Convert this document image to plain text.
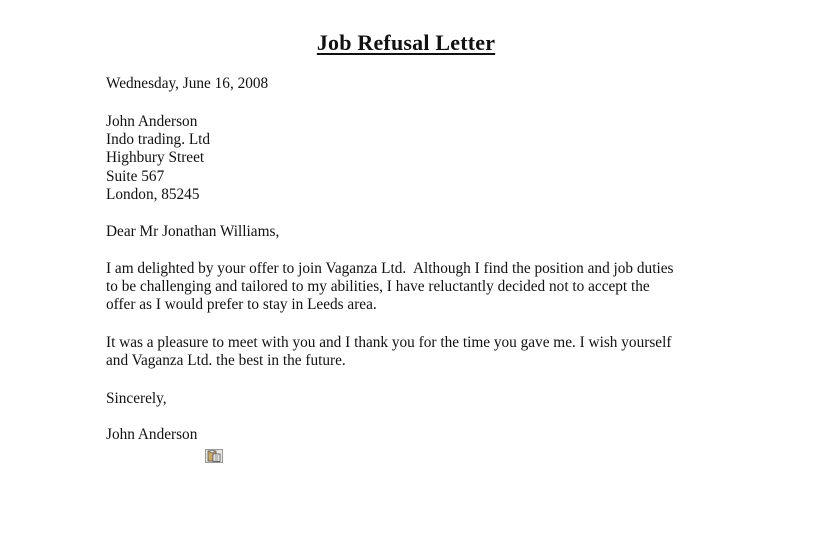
Job Refusal Letter
Wednesday, June 16, 2008
John Anderson
Indo trading. Ltd
Highbury Street
Suite 567
London, 85245
Dear Mr Jonathan Williams,
I am delighted by your offer to join Vaganza Ltd.  Although I find the position and job duties
to be challenging and tailored to my abilities, I have reluctantly decided not to accept the
offer as I would prefer to stay in Leeds area.
It was a pleasure to meet with you and I thank you for the time you gave me. I wish yourself
and Vaganza Ltd. the best in the future.
Sincerely,
John Anderson
